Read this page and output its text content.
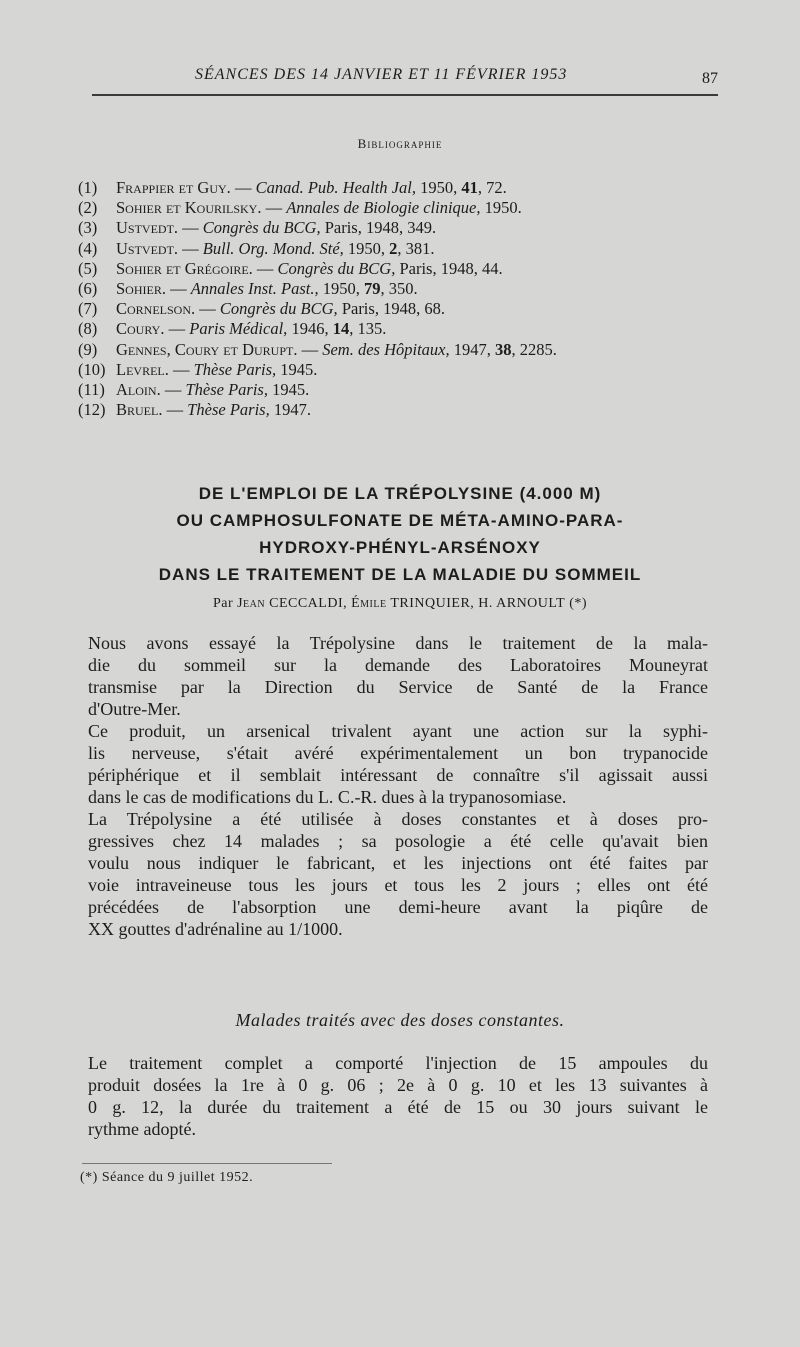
SÉANCES DES 14 JANVIER ET 11 FÉVRIER 1953	87
Bibliographie
(1) Frappier et Guy. — Canad. Pub. Health Jal, 1950, 41, 72.
(2) Sohier et Kourilsky. — Annales de Biologie clinique, 1950.
(3) Ustvedt. — Congrès du BCG, Paris, 1948, 349.
(4) Ustvedt. — Bull. Org. Mond. Sté, 1950, 2, 381.
(5) Sohier et Grégoire. — Congrès du BCG, Paris, 1948, 44.
(6) Sohier. — Annales Inst. Past., 1950, 79, 350.
(7) Cornelson. — Congrès du BCG, Paris, 1948, 68.
(8) Coury. — Paris Médical, 1946, 14, 135.
(9) Gennes, Coury et Durupt. — Sem. des Hôpitaux, 1947, 38, 2285.
(10) Levrel. — Thèse Paris, 1945.
(11) Aloin. — Thèse Paris, 1945.
(12) Bruel. — Thèse Paris, 1947.
DE L'EMPLOI DE LA TRÉPOLYSINE (4.000 M)
OU CAMPHOSULFONATE DE MÉTA-AMINO-PARA-
HYDROXY-PHÉNYL-ARSÉNOXY
DANS LE TRAITEMENT DE LA MALADIE DU SOMMEIL
Par Jean CECCALDI, Émile TRINQUIER, H. ARNOULT (*)
Nous avons essayé la Trépolysine dans le traitement de la mala-
die du sommeil sur la demande des Laboratoires Mouneyrat
transmise par la Direction du Service de Santé de la France
d'Outre-Mer.
Ce produit, un arsenical trivalent ayant une action sur la syphi-
lis nerveuse, s'était avéré expérimentalement un bon trypanocide
périphérique et il semblait intéressant de connaître s'il agissait aussi
dans le cas de modifications du L. C.-R. dues à la trypanosomiase.
La Trépolysine a été utilisée à doses constantes et à doses pro-
gressives chez 14 malades ; sa posologie a été celle qu'avait bien
voulu nous indiquer le fabricant, et les injections ont été faites par
voie intraveineuse tous les jours et tous les 2 jours ; elles ont été
précédées de l'absorption une demi-heure avant la piqûre de
XX gouttes d'adrénaline au 1/1000.
Malades traités avec des doses constantes.
Le traitement complet a comporté l'injection de 15 ampoules du
produit dosées la 1re à 0 g. 06 ; 2e à 0 g. 10 et les 13 suivantes à
0 g. 12, la durée du traitement a été de 15 ou 30 jours suivant le
rythme adopté.
(*) Séance du 9 juillet 1952.
